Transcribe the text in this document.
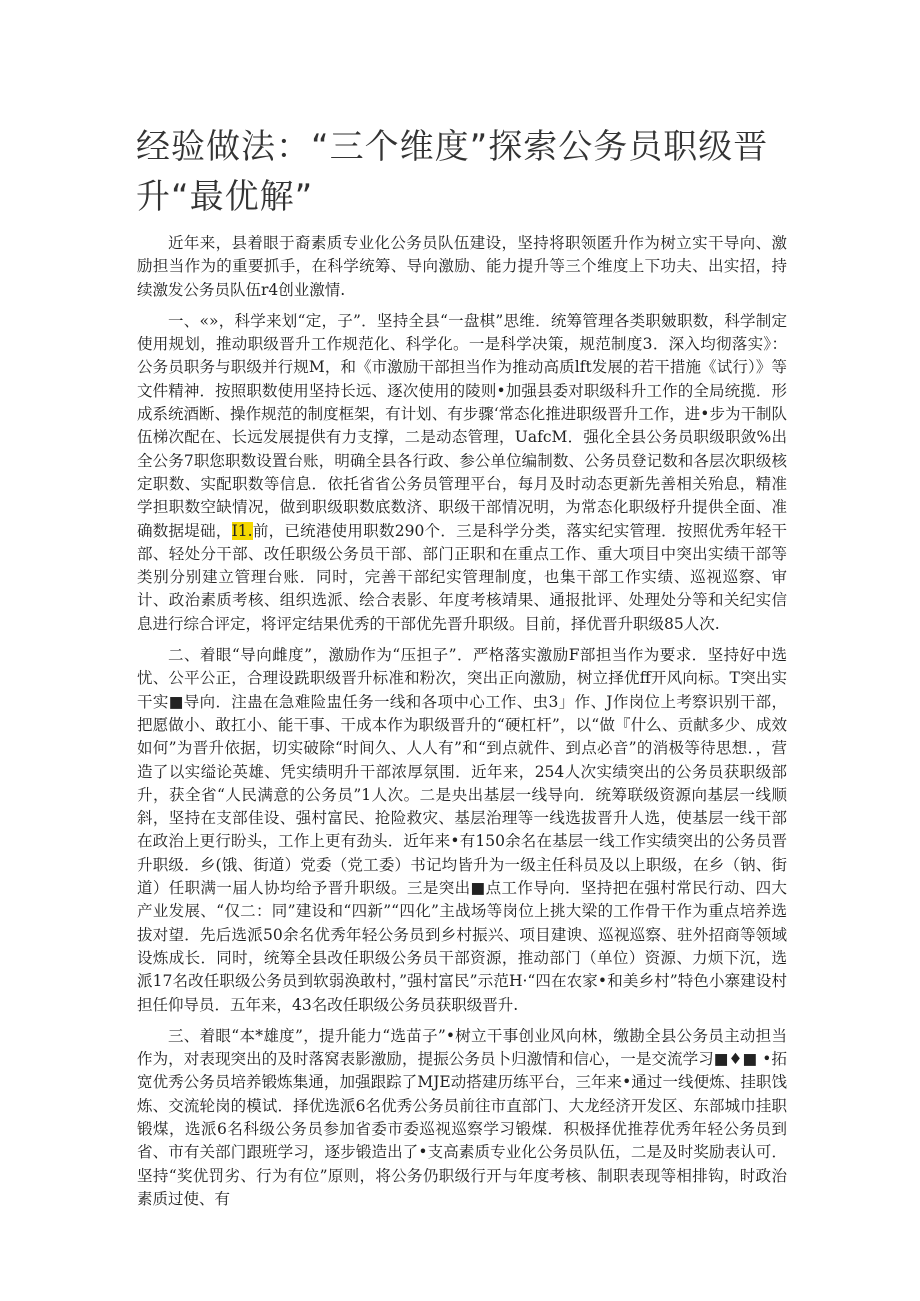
经验做法：“三个维度”探索公务员职级晋升“最优解”

近年来，县着眼于裔素质专业化公务员队伍建设，坚持将职领匿升作为树立实干导向、激励担当作为的重要抓手，在科学统筹、导向激励、能力提升等三个维度上下功夫、出实招，持续激发公务员队伍r4创业激情.

一、«»，科学来划“定，子”．坚持全县“一盘棋”思维．统筹管理各类职皴职数，科学制定使用规划，推动职级晋升工作规范化、科学化。一是科学决策，规范制度3．深入均彻落实》：公务员职务与职级并行规M，和《市激励干部担当作为推动高质lft发展的若干措施《试行）》等文件精神．按照职数使用坚持长远、逐次使用的陵则•加强县委对职级科升工作的全局统揽．形成系统酒断、操作规范的制度框架，有计划、有步骤‘常态化推进职级晋升工作，进•步为干制队伍梯次配在、长远发展提供有力支撑，二是动态管理，UafcM．强化全县公务员职级职敛%出全公务7职您职数设置台账，明确全县各行政、参公单位编制数、公务员登记数和各层次职级核定职数、实配职数等信息．依托省省公务员管理平台，每月及时动态更新先善相关殆息，精准学担职数空缺情况，做到职级职数底数济、职级干部情况明，为常态化职级杼升提供全面、准确数据堤础，I1.前，已统港使用职数290个．三是科学分类，落实纪实管理．按照优秀年轻干部、轻处分干部、改任职级公务员干部、部门正职和在重点工作、重大项目中突出实绩干部等类别分别建立管理台账．同时，完善干部纪实管理制度，也集干部工作实绩、巡视巡察、审计、政治素质考核、组织选派、绘合表影、年度考核靖果、通报批评、处理处分等和关纪实信息进行综合评定，将评定结果优秀的干部优先晋升职级。目前，择优晋升职级85人次.

二、着眼“导向雌度”，激励作为“压担子”．严格落实激励F部担当作为要求．坚持好中选忧、公平公正，合理设跣职级晋升标准和粉次，突出正向激励，树立择优ff开风向标。T突出实干实■导向．注蛊在急难险盅任务一线和各项中心工作、虫3」作、J作岗位上考察识别干部，把愿做小、敢扛小、能干事、干成本作为职级晋升的“硬杠杆”，以“做『什么、贡献多少、成效如何”为晋升依据，切实破除“时间久、人人有”和“到点就件、到点必音”的消极等待思想．，营造了以实缢论英雄、凭实绩明升干部浓厚氛围．近年来，254人次实绩突出的公务员获职级部升，获全省“人民满意的公务员”1人次。二是央出基层一线导向．统筹联级资源向基层一线顺斜，坚持在支部佳设、强村富民、抢险救灾、基层治理等一线选拔晋升人选，使基层一线干部在政治上更行盼头，工作上更有劲头．近年来•有150余名在基层一线工作实绩突出的公务员晋升职级．乡(饿、街道）党委（党工委）书记均皆升为一级主任科员及以上职级，在乡（钠、街道）任职满一届人协均给予晋升职级。三是突出■点工作导向．坚持把在强村常民行动、四大产业发展、“仅二：同”建设和“四新”“四化”主战场等岗位上挑大梁的工作骨干作为重点培养选拔对望．先后选派50余名优秀年轻公务员到乡村振兴、项目建谀、巡视巡察、驻外招商等领域设炼成长．同时，统筹全县改任职级公务员干部资源，推动部门（单位）资源、力烦下沉，选派17名改任职级公务员到软弱涣敢村，”强村富民”示范H·“四在农家•和美乡村”特色小寨建设村担任仰导员．五年来，43名改任职级公务员获职级晋升.

三、着眼“本*雄度”，提升能力“选苗子”•树立干事创业风向林，缴勘全县公务员主动担当作为，对表现突出的及时落窝表影激励，提振公务员卜归激情和信心，一是交流学习■♦■ •拓宽优秀公务员培养锻炼集通，加强跟踪了MJE动搭建历练平台，三年来•通过一线便炼、挂职饯炼、交流轮岗的模试．择优选派6名优秀公务员前往市直部门、大龙经济开发区、东部城巾挂职锻煤，选派6名科级公务员参加省委市委巡视巡察学习锻煤．积极择优推荐优秀年轻公务员到省、市有关部门跟班学习，逐步锻造出了•支高素质专业化公务员队伍，二是及时奖励表认可．坚持“奖优罚劣、行为有位”原则，将公务仍职级行开与年度考核、制职表现等相排钩，时政治素质过使、有
